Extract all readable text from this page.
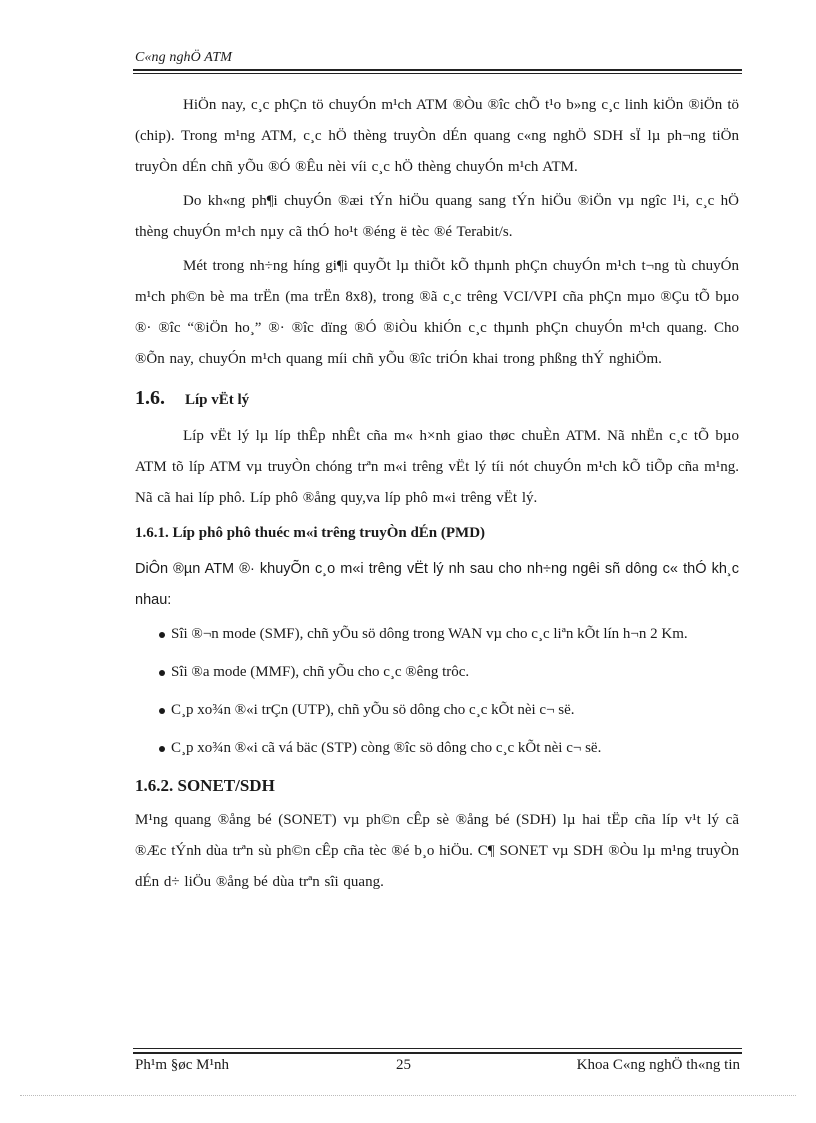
C«ng nghÖ ATM

HiÖn nay, c¸c phÇn tö chuyÓn m¹ch ATM ®Òu ®îc chÕ t¹o b»ng c¸c linh kiÖn ®iÖn tö (chip). Trong m¹ng ATM, c¸c hÖ thèng truyÒn dÉn quang c«ng nghÖ SDH sÏ lµ ph¬ng tiÖn truyÒn dÉn chñ yÕu ®Ó ®Êu nèi víi c¸c hÖ thèng chuyÓn m¹ch ATM.

Do kh«ng ph¶i chuyÓn ®æi tÝn hiÖu quang sang tÝn hiÖu ®iÖn vµ ngîc l¹i, c¸c hÖ thèng chuyÓn m¹ch nµy cã thÓ ho¹t ®éng ë tèc ®é Terabit/s.

Mét trong nh÷ng híng gi¶i quyÕt lµ thiÕt kÕ thµnh phÇn chuyÓn m¹ch t¬ng tù chuyÓn m¹ch ph©n bè ma trËn (ma trËn 8x8), trong ®ã c¸c trêng VCI/VPI cña phÇn mµo ®Çu tÕ bµo ®· ®îc “®iÖn ho¸” ®· ®îc dïng ®Ó ®iÒu khiÓn c¸c thµnh phÇn chuyÓn m¹ch quang. Cho ®Õn nay, chuyÓn m¹ch quang míi chñ yÕu ®îc triÓn khai trong phßng thÝ nghiÖm.

1.6. Líp vËt lý

Líp vËt lý lµ líp thÊp nhÊt cña m« h×nh giao thøc chuÈn ATM. Nã nhËn c¸c tÕ bµo ATM tõ líp ATM vµ truyÒn chóng trªn m«i trêng vËt lý tíi nót chuyÓn m¹ch kÕ tiÕp cña m¹ng. Nã cã hai líp phô. Líp phô ®ång quy,va líp phô m«i trêng vËt lý.

1.6.1. Líp phô phô thuéc m«i trêng truyÒn dÉn (PMD)

DiÔn ®µn ATM ®· khuyÕn c¸o m«i trêng vËt lý nh sau cho nh÷ng ngêi sñ dông c« thÓ kh¸c nhau:

Sîi ®¬n mode (SMF), chñ yÕu sö dông trong WAN vµ cho c¸c liªn kÕt lín h¬n 2 Km.
Sîi ®a mode (MMF), chñ yÕu cho c¸c ®êng trôc.
C¸p xo¾n ®«i trÇn (UTP), chñ yÕu sö dông cho c¸c kÕt nèi c¬ së.
C¸p xo¾n ®«i cã vá bäc (STP) còng ®îc sö dông cho c¸c kÕt nèi c¬ së.
1.6.2. SONET/SDH

M¹ng quang ®ång bé (SONET) vµ ph©n cÊp sè ®ång bé (SDH) lµ hai tËp cña líp v¹t lý cã ®Æc tÝnh dùa trªn sù ph©n cÊp cña tèc ®é b¸o hiÖu. C¶ SONET vµ SDH ®Òu lµ m¹ng truyÒn dÉn d÷ liÖu ®ång bé dùa trªn sîi quang.

Ph¹m §øc M¹nh	25	Khoa C«ng nghÖ th«ng tin
